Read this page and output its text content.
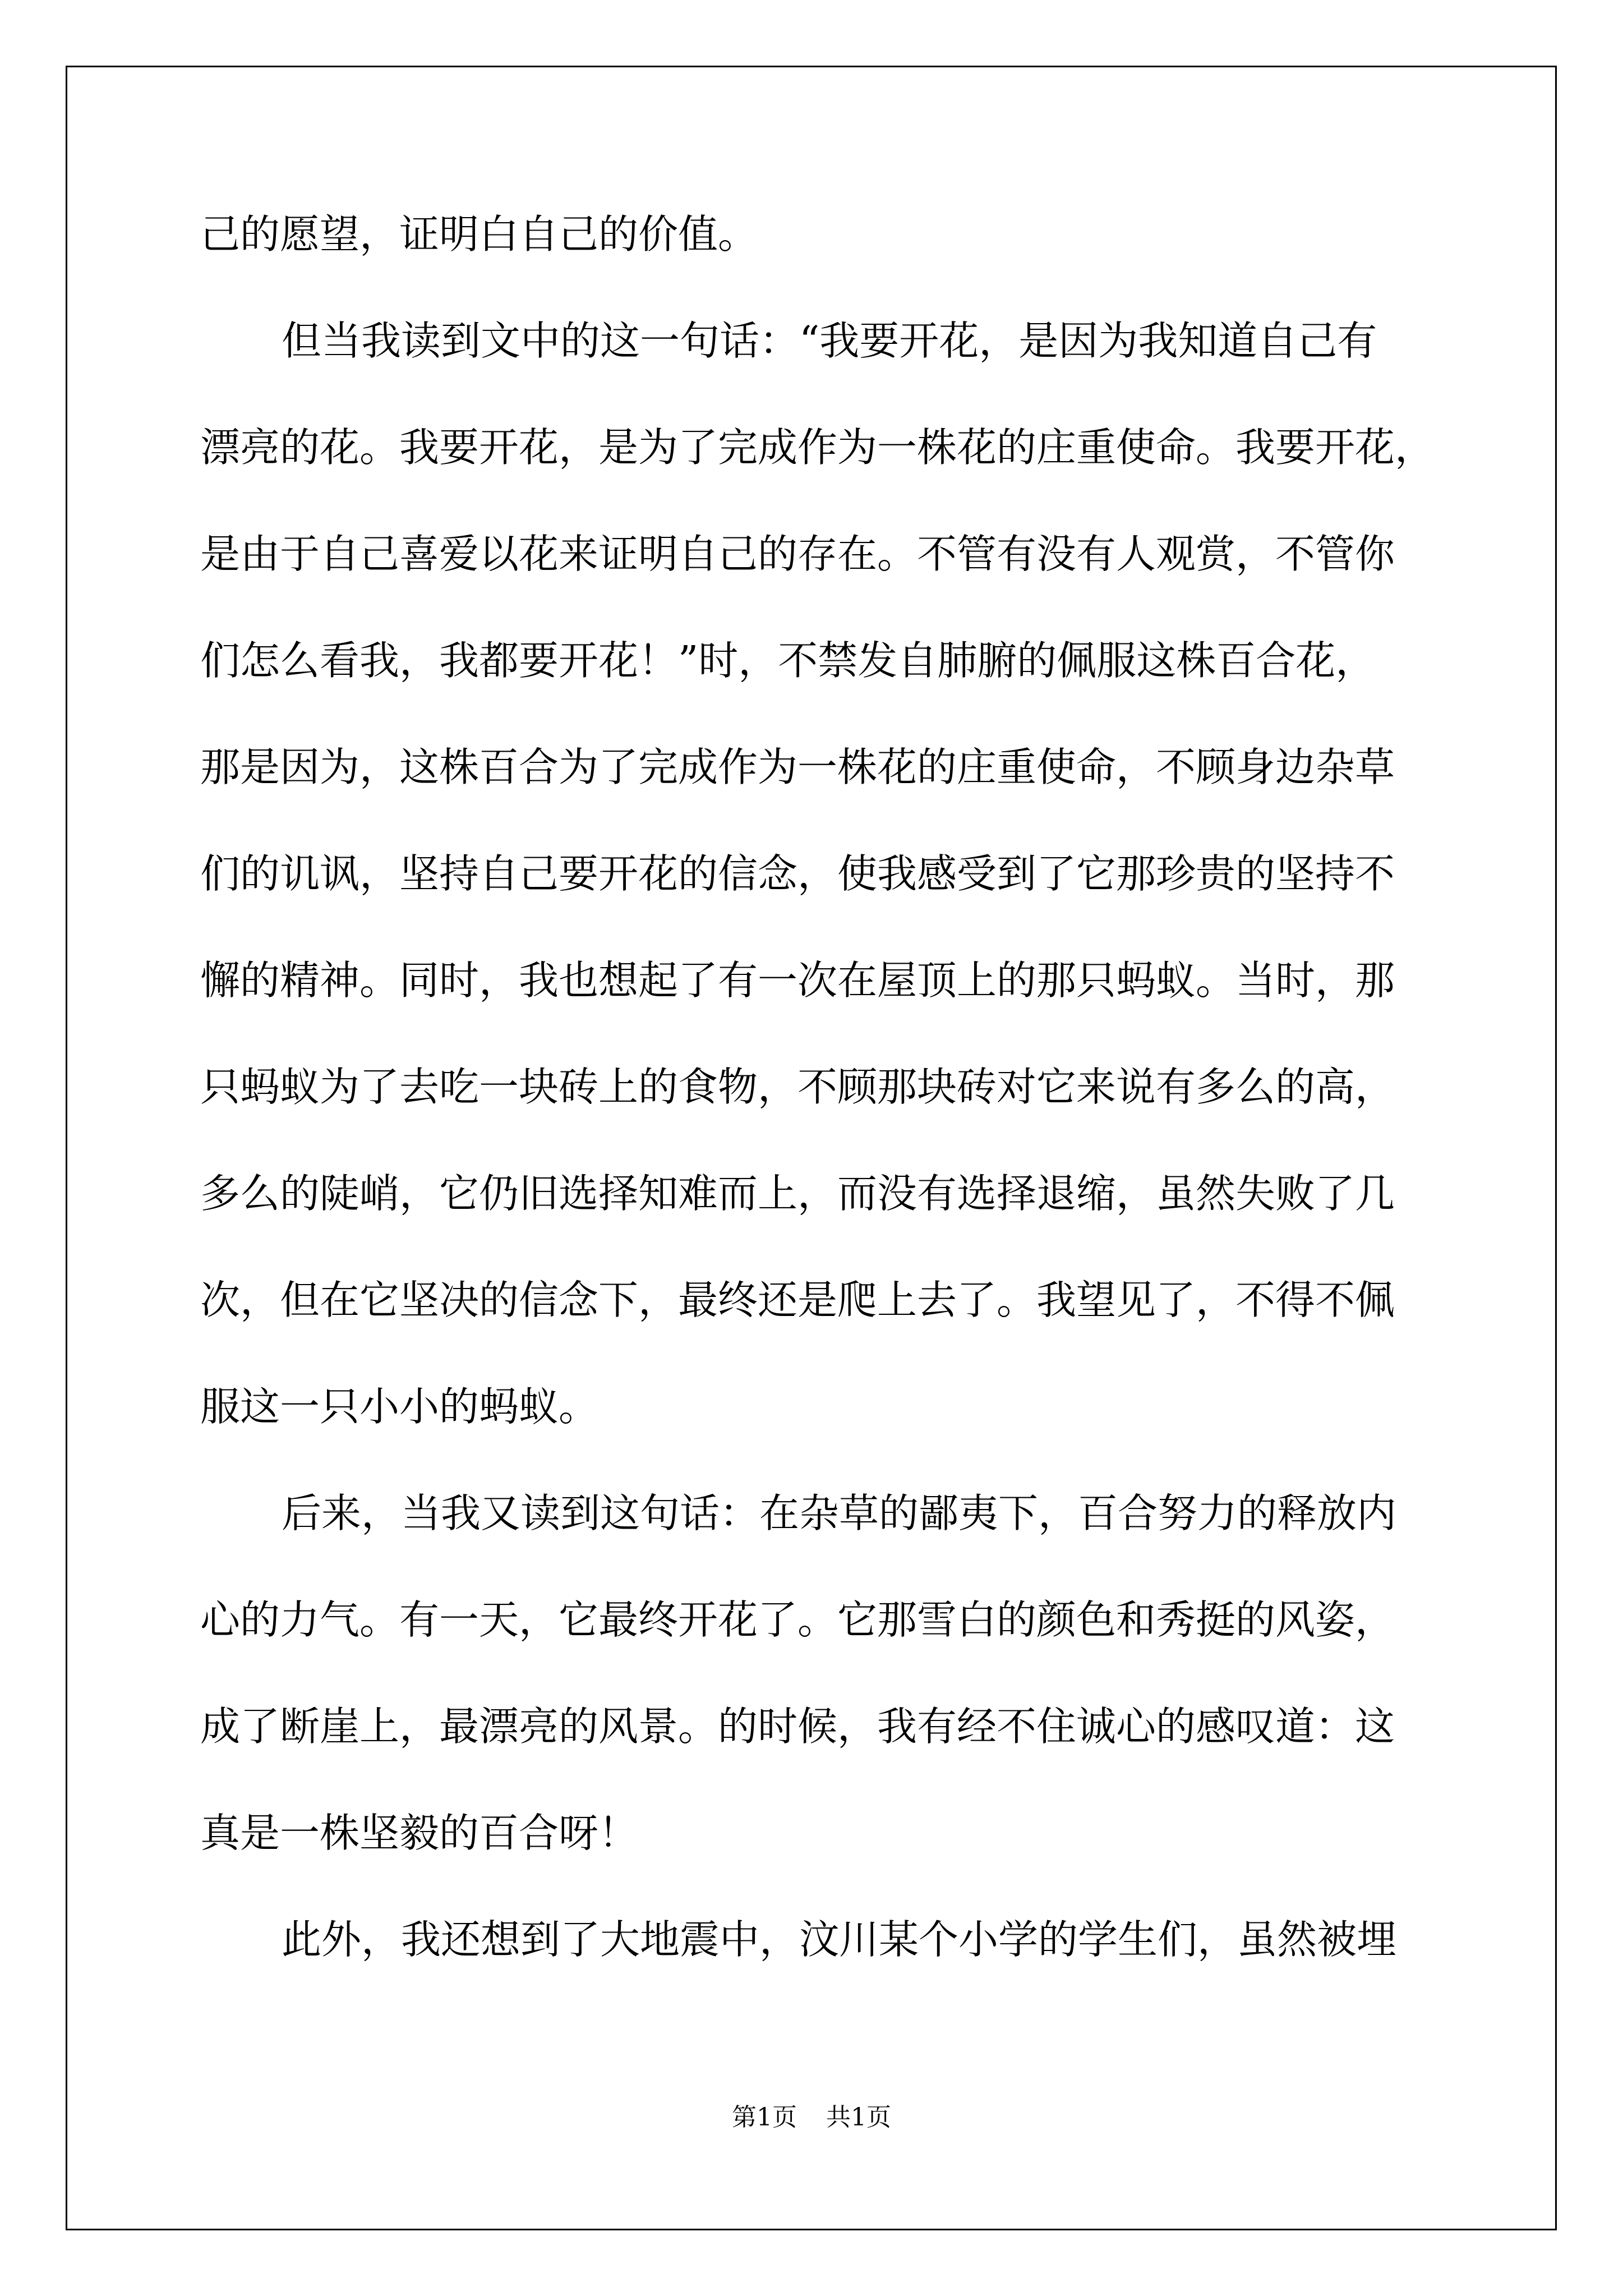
己的愿望，证明白自己的价值。
但当我读到文中的这一句话：“我要开花，是因为我知道自己有
漂亮的花。我要开花，是为了完成作为一株花的庄重使命。我要开花，
是由于自己喜爱以花来证明自己的存在。不管有没有人观赏，不管你
们怎么看我，我都要开花！”时，不禁发自肺腑的佩服这株百合花，
那是因为，这株百合为了完成作为一株花的庄重使命，不顾身边杂草
们的讥讽，坚持自己要开花的信念，使我感受到了它那珍贵的坚持不
懈的精神。同时，我也想起了有一次在屋顶上的那只蚂蚁。当时，那
只蚂蚁为了去吃一块砖上的食物，不顾那块砖对它来说有多么的高，
多么的陡峭，它仍旧选择知难而上，而没有选择退缩，虽然失败了几
次，但在它坚决的信念下，最终还是爬上去了。我望见了，不得不佩
服这一只小小的蚂蚁。
后来，当我又读到这句话：在杂草的鄙夷下，百合努力的释放内
心的力气。有一天，它最终开花了。它那雪白的颜色和秀挺的风姿，
成了断崖上，最漂亮的风景。的时候，我有经不住诚心的感叹道：这
真是一株坚毅的百合呀！
此外，我还想到了大地震中，汶川某个小学的学生们，虽然被埋
第1页 共1页
